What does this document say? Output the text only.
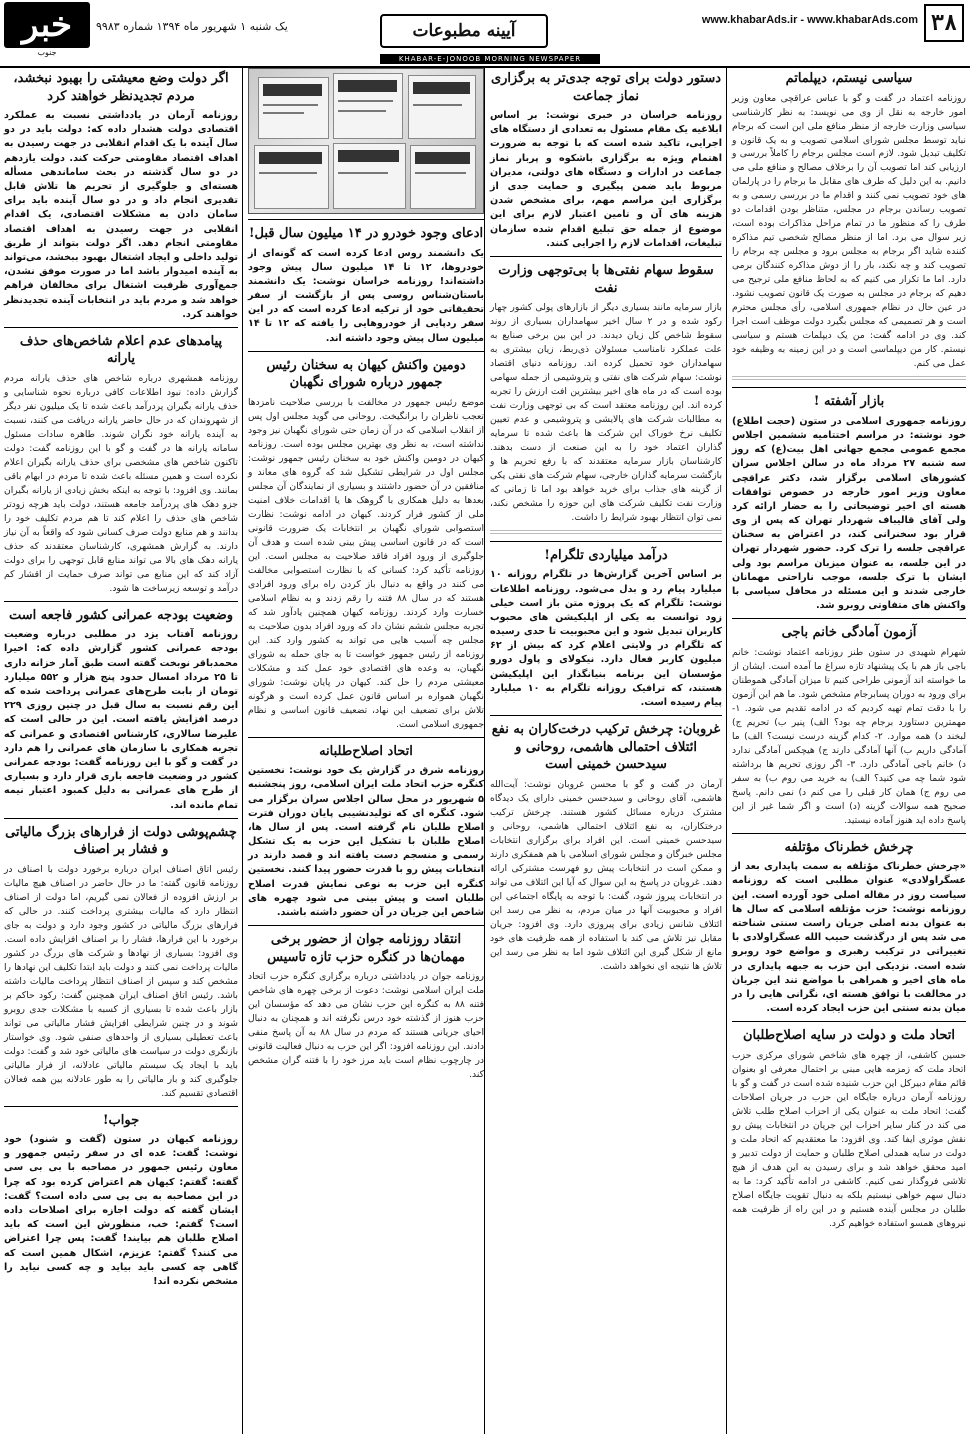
۳۸
www.khabarAds.ir - www.khabarAds.com
آیینه مطبوعات
یک شنبه ۱ شهریور ماه ۱۳۹۴ شماره ۹۹۸۳
خبر
جنوب
KHABAR-E-JONOOB MORNING NEWSPAPER
سیاسی نیستم، دیپلماتم
روزنامه اعتماد در گفت و گو با عباس عراقچی معاون وزیر امور خارجه به نقل از وی می نویسد: به نظر کارشناسی سیاسی وزارت خارجه از منظر منافع ملی این است که برجام نباید توسط مجلس شورای اسلامی تصویب و به یک قانون و تکلیف تبدیل شود. لازم است مجلس برجام را کاملاً بررسی و ارزیابی کند اما تصویب آن را برخلاف مصالح و منافع ملی می دانیم. به این دلیل که طرف های مقابل ما برجام را در پارلمان های خود تصویب نمی کنند و اقدام ما در بررسی رسمی و به تصویب رساندن برجام در مجلس، متناظر بودن اقدامات دو طرف را که منظور ما در تمام مراحل مذاکرات بوده است، زیر سوال می برد. اما از منظر مصالح شخصی تیم مذاکره کننده شاید اگر برجام به مجلس برود و مجلس چه برجام را تصویب کند و چه نکند، بار را از دوش مذاکره کنندگان برمی دارد. اما ما تکرار می کنیم که به لحاظ منافع ملی ترجیح می دهیم که برجام در مجلس به صورت یک قانون تصویب نشود. در عین حال در نظام جمهوری اسلامی، رأی مجلس محترم است و هر تصمیمی که مجلس بگیرد دولت موظف است اجرا کند. وی در ادامه گفت: من یک دیپلمات هستم و سیاسی نیستم. کار من دیپلماسی است و در این زمینه به وظیفه خود عمل می کنم.
بازار آشفته !
روزنامه جمهوری اسلامی در ستون (حجت اطلاع) خود نوشته: در مراسم اختتامیه ششمین اجلاس مجمع عمومی مجمع جهانی اهل بیت(ع) که روز سه شنبه ۲۷ مرداد ماه در سالن اجلاس سران کشورهای اسلامی برگزار شد، دکتر عراقچی معاون وزیر امور خارجه در خصوص توافقات هسته ای اخیر توضیحاتی را به حضار ارائه کرد ولی آقای قالیباف شهردار تهران که پس از وی قرار بود سخنرانی کند، در اعتراض به سخنان عراقچی جلسه را ترک کرد. حضور شهردار تهران در این جلسه، به عنوان میزبان مراسم بود ولی ایشان با ترک جلسه، موجب ناراحتی مهمانان خارجی شدند و این مسئله در محافل سیاسی با واکنش های متفاوتی روبرو شد.
آزمون آمادگی خانم باجی
شهرام شهیدی در ستون طنز روزنامه اعتماد نوشت: خانم باجی باز هم با یک پیشنهاد تازه سراغ ما آمده است. ایشان از ما خواسته اند آزمونی طراحی کنیم تا میزان آمادگی هموطنان برای ورود به دوران پسابرجام مشخص شود. ما هم این آزمون را با دقت تمام تهیه کردیم که در ادامه تقدیم می شود. ۱- مهمترین دستاورد برجام چه بود؟ الف) پنیر ب) تحریم ج) لبخند د) همه موارد. ۲- کدام گزینه درست نیست؟ الف) ما آمادگی داریم ب) آنها آمادگی دارند ج) هیچکس آمادگی ندارد د) خانم باجی آمادگی دارد. ۳- اگر روزی تحریم ها برداشته شود شما چه می کنید؟ الف) به خرید می روم ب) به سفر می روم ج) همان کار قبلی را می کنم د) نمی دانم. پاسخ صحیح همه سوالات گزینه (د) است و اگر شما غیر از این پاسخ داده اید هنوز آماده نیستید.
چرخش خطرناک مؤتلفه
«چرخش خطرناک مؤتلفه به سمت پایداری بعد از عسگراولادی» عنوان مطلبی است که روزنامه سیاست روز در مقاله اصلی خود آورده است. این روزنامه نوشت: حزب مؤتلفه اسلامی که سال ها به عنوان بدنه اصلی جریان راست سنتی شناخته می شد پس از درگذشت حبیب الله عسگراولادی با تغییراتی در ترکیب رهبری و مواضع خود روبرو شده است. نزدیکی این حزب به جبهه پایداری در ماه های اخیر و همراهی با مواضع تند این جریان در مخالفت با توافق هسته ای، نگرانی هایی را در میان بدنه سنتی این حزب ایجاد کرده است.
اتحاد ملت و دولت در سایه اصلاح‌طلبان
حسین کاشفی، از چهره های شاخص شورای مرکزی حزب اتحاد ملت که زمزمه هایی مبنی بر احتمال معرفی او بعنوان قائم مقام دبیرکل این حزب شنیده شده است در گفت و گو با روزنامه آرمان درباره جایگاه این حزب در جریان اصلاحات گفت: اتحاد ملت به عنوان یکی از احزاب اصلاح طلب تلاش می کند در کنار سایر احزاب این جریان در انتخابات پیش رو نقش موثری ایفا کند. وی افزود: ما معتقدیم که اتحاد ملت و دولت در سایه همدلی اصلاح طلبان و حمایت از دولت تدبیر و امید محقق خواهد شد و برای رسیدن به این هدف از هیچ تلاشی فروگذار نمی کنیم. کاشفی در ادامه تأکید کرد: ما به دنبال سهم خواهی نیستیم بلکه به دنبال تقویت جایگاه اصلاح طلبان در مجلس آینده هستیم و در این راه از ظرفیت همه نیروهای همسو استفاده خواهیم کرد.
دستور دولت برای توجه جدی‌تر به برگزاری نماز جماعت
روزنامه خراسان در خبری نوشت: بر اساس ابلاغیه یک مقام مسئول به تعدادی از دستگاه های اجرایی، تاکید شده است که با توجه به ضرورت اهتمام ویژه به برگزاری باشکوه و پربار نماز جماعت در ادارات و دستگاه های دولتی، مدیران مربوط باید ضمن پیگیری و حمایت جدی از برگزاری این مراسم مهم، برای مشخص شدن هزینه های آن و تامین اعتبار لازم برای این موضوع از جمله حق تبلیغ اقدام شده سازمان تبلیغات، اقدامات لازم را اجرایی کنند.
سقوط سهام نفتی‌ها با بی‌توجهی وزارت نفت
بازار سرمایه مانند بسیاری دیگر از بازارهای پولی کشور چهار رکود شده و در ۲ سال اخیر سهامداران بسیاری از روند سقوط شاخص کل زیان دیدند. در این بین برخی صنایع به علت عملکرد نامناسب مسئولان ذی‌ربط، زیان بیشتری به سهامداران خود تحمیل کرده اند. روزنامه دنیای اقتصاد نوشت: سهام شرکت های نفتی و پتروشیمی از جمله سهامی بوده است که در ماه های اخیر بیشترین افت ارزش را تجربه کرده اند. این روزنامه معتقد است که بی توجهی وزارت نفت به مطالبات شرکت های پالایشی و پتروشیمی و عدم تعیین تکلیف نرخ خوراک این شرکت ها باعث شده تا سرمایه گذاران اعتماد خود را به این صنعت از دست بدهند. کارشناسان بازار سرمایه معتقدند که با رفع تحریم ها و بازگشت سرمایه گذاران خارجی، سهام شرکت های نفتی یکی از گزینه های جذاب برای خرید خواهد بود اما تا زمانی که وزارت نفت تکلیف شرکت های این حوزه را مشخص نکند، نمی توان انتظار بهبود شرایط را داشت.
درآمد میلیاردی تلگرام!
بر اساس آخرین گزارش‌ها در تلگرام روزانه ۱۰ میلیارد پیام رد و بدل می‌شود. روزنامه اطلاعات نوشت: تلگرام که یک پروژه متن باز است خیلی زود توانست به یکی از اپلیکیشن های محبوب کاربران تبدیل شود و این محبوبیت تا حدی رسیده که تلگرام در ولایتی اعلام کرد که بیش از ۶۲ میلیون کاربر فعال دارد. نیکولای و پاول دورو مؤسسان این برنامه بنیانگذار این اپلیکیشن هستند، که ترافیک روزانه تلگرام به ۱۰ میلیارد پیام رسیده است.
غروبان: چرخش ترکیب درخت‌کاران به نفع ائتلاف احتمالی هاشمی، روحانی و سیدحسن خمینی است
آرمان در گفت و گو با محسن غروبان نوشت: آیت‌الله هاشمی، آقای روحانی و سیدحسن خمینی دارای یک دیدگاه مشترک درباره مسائل کشور هستند. چرخش ترکیب درختکاران، به نفع ائتلاف احتمالی هاشمی، روحانی و سیدحسن خمینی است. این افراد برای برگزاری انتخابات مجلس خبرگان و مجلس شورای اسلامی با هم همفکری دارند و ممکن است در انتخابات پیش رو فهرست مشترکی ارائه دهند. غروبان در پاسخ به این سوال که آیا این ائتلاف می تواند در انتخابات پیروز شود، گفت: با توجه به پایگاه اجتماعی این افراد و محبوبیت آنها در میان مردم، به نظر می رسد این ائتلاف شانس زیادی برای پیروزی دارد. وی افزود: جریان مقابل نیز تلاش می کند با استفاده از همه ظرفیت های خود مانع از شکل گیری این ائتلاف شود اما به نظر می رسد این تلاش ها نتیجه ای نخواهد داشت.
ادعای وجود خودرو در ۱۴ میلیون سال قبل!
یک دانشمند روس ادعا کرده است که گونه‌ای از خودروها، ۱۲ تا ۱۴ میلیون سال پیش وجود داشته‌اند! روزنامه خراسان نوشت: یک دانشمند باستان‌شناس روسی پس از بازگشت از سفر تحقیقاتی خود از ترکیه ادعا کرده است که در این سفر ردپایی از خودروهایی را یافته که ۱۲ تا ۱۴ میلیون سال پیش وجود داشته اند.
دومین واکنش کیهان به سخنان رئیس جمهور درباره شورای نگهبان
موضع رئیس جمهور در مخالفت با بررسی صلاحیت نامزدها تعجب ناظران را برانگیخت. روحانی می گوید مجلس اول پس از انقلاب اسلامی که در آن زمان حتی شورای نگهبان نیز وجود نداشته است، به نظر وی بهترین مجلس بوده است. روزنامه کیهان در دومین واکنش خود به سخنان رئیس جمهور نوشت: مجلس اول در شرایطی تشکیل شد که گروه های معاند و منافقین در آن حضور داشتند و بسیاری از نمایندگان آن مجلس بعدها به دلیل همکاری با گروهک ها یا اقدامات خلاف امنیت ملی از کشور فرار کردند. کیهان در ادامه نوشت: نظارت استصوابی شورای نگهبان بر انتخابات یک ضرورت قانونی است که در قانون اساسی پیش بینی شده است و هدف آن جلوگیری از ورود افراد فاقد صلاحیت به مجلس است. این روزنامه تأکید کرد: کسانی که با نظارت استصوابی مخالفت می کنند در واقع به دنبال باز کردن راه برای ورود افرادی هستند که در سال ۸۸ فتنه را رقم زدند و به نظام اسلامی خسارت وارد کردند. روزنامه کیهان همچنین یادآور شد که تجربه مجلس ششم نشان داد که ورود افراد بدون صلاحیت به مجلس چه آسیب هایی می تواند به کشور وارد کند. این روزنامه از رئیس جمهور خواست تا به جای حمله به شورای نگهبان، به وعده های اقتصادی خود عمل کند و مشکلات معیشتی مردم را حل کند. کیهان در پایان نوشت: شورای نگهبان همواره بر اساس قانون عمل کرده است و هرگونه تلاش برای تضعیف این نهاد، تضعیف قانون اساسی و نظام جمهوری اسلامی است.
اتحاد اصلاح‌طلبانه
روزنامه شرق در گزارش یک خود نوشت: نخستین کنگره حزب اتحاد ملت ایران اسلامی، روز پنجشنبه ۵ شهریور در محل سالن اجلاس سران برگزار می شود. کنگره ای که تولیدنشیبی پایان دوران فترت اصلاح طلبان نام گرفته است. پس از سال ها، اصلاح طلبان با تشکیل این حزب به یک تشکل رسمی و منسجم دست یافته اند و قصد دارند در انتخابات پیش رو با قدرت حضور پیدا کنند. نخستین کنگره این حزب به نوعی نمایش قدرت اصلاح طلبان است و پیش بینی می شود چهره های شاخص این جریان در آن حضور داشته باشند.
انتقاد روزنامه جوان از حضور برخی مهمان‌ها در کنگره حزب تازه تاسیس
روزنامه جوان در یادداشتی درباره برگزاری کنگره حزب اتحاد ملت ایران اسلامی نوشت: دعوت از برخی چهره های شاخص فتنه ۸۸ به کنگره این حزب نشان می دهد که مؤسسان این حزب هنوز از گذشته خود درس نگرفته اند و همچنان به دنبال احیای جریانی هستند که مردم در سال ۸۸ به آن پاسخ منفی دادند. این روزنامه افزود: اگر این حزب به دنبال فعالیت قانونی در چارچوب نظام است باید مرز خود را با فتنه گران مشخص کند.
اگر دولت وضع معیشتی را بهبود نبخشد، مردم تجدیدنظر خواهند کرد
روزنامه آرمان در یادداشتی نسبت به عملکرد اقتصادی دولت هشدار داده که: دولت باید در دو سال آینده با یک اقدام انقلابی در جهت رسیدن به اهداف اقتصاد مقاومتی حرکت کند. دولت یازدهم در دو سال گذشته در بحث ساماندهی مسأله هسته‌ای و جلوگیری از تحریم ها تلاش قابل تقدیری انجام داد و در دو سال آینده باید برای سامان دادن به مشکلات اقتصادی، یک اقدام انقلابی در جهت رسیدن به اهداف اقتصاد مقاومتی انجام دهد. اگر دولت بتواند از طریق تولید داخلی و ایجاد اشتغال بهبود ببخشد، می‌تواند به آینده امیدوار باشد اما در صورت موفق نشدن، جمع‌آوری ظرفیت اشتغال برای مخالفان فراهم خواهد شد و مردم باید در انتخابات آینده تجدیدنظر خواهند کرد.
پیامدهای عدم اعلام شاخص‌های حذف یارانه
روزنامه همشهری درباره شاخص های حذف یارانه مردم گزارش داده: نبود اطلاعات کافی درباره نحوه شناسایی و حذف یارانه بگیران پردرآمد باعث شده تا یک میلیون نفر دیگر از شهروندان که در حال حاضر یارانه دریافت می کنند، نسبت به آینده یارانه خود نگران شوند. طاهره سادات مسئول سامانه یارانه ها در گفت و گو با این روزنامه گفت: دولت تاکنون شاخص های مشخصی برای حذف یارانه بگیران اعلام نکرده است و همین مسئله باعث شده تا مردم در ابهام باقی بمانند. وی افزود: با توجه به اینکه بخش زیادی از یارانه بگیران جزو دهک های پردرآمد جامعه هستند، دولت باید هرچه زودتر شاخص های حذف را اعلام کند تا هم مردم تکلیف خود را بدانند و هم منابع دولت صرف کسانی شود که واقعاً به آن نیاز دارند. به گزارش همشهری، کارشناسان معتقدند که حذف یارانه دهک های بالا می تواند منابع قابل توجهی را برای دولت آزاد کند که این منابع می تواند صرف حمایت از اقشار کم درآمد و توسعه زیرساخت ها شود.
وضعیت بودجه عمرانی کشور فاجعه است
روزنامه آفتاب یزد در مطلبی درباره وضعیت بودجه عمرانی کشور گزارش داده که: اخیرا محمدباقر نوبخت گفته است طبق آمار خزانه داری تا ۲۵ مرداد امسال حدود پنج هزار و ۵۵۲ میلیارد تومان از بابت طرح‌های عمرانی پرداخت شده که این رقم نسبت به سال قبل در چنین روزی ۲۲۹ درصد افزایش یافته است. این در حالی است که علیرضا سالاری، کارشناس اقتصادی و عمرانی که تجربه همکاری با سازمان های عمرانی را هم دارد در گفت و گو با این روزنامه گفت: بودجه عمرانی کشور در وضعیت فاجعه باری قرار دارد و بسیاری از طرح های عمرانی به دلیل کمبود اعتبار نیمه تمام مانده اند.
چشم‌پوشی دولت از فرارهای بزرگ مالیاتی و فشار بر اصناف
رئیس اتاق اصناف ایران درباره برخورد دولت با اصناف در روزنامه قانون گفته: ما در حال حاضر در اصناف هیچ مالیات بر ارزش افزوده از فعالان نمی گیریم، اما دولت از اصناف انتظار دارد که مالیات بیشتری پرداخت کنند. در حالی که فرارهای بزرگ مالیاتی در کشور وجود دارد و دولت به جای برخورد با این فرارها، فشار را بر اصناف افزایش داده است. وی افزود: بسیاری از نهادها و شرکت های بزرگ در کشور مالیات پرداخت نمی کنند و دولت باید ابتدا تکلیف این نهادها را مشخص کند و سپس از اصناف انتظار پرداخت مالیات داشته باشد. رئیس اتاق اصناف ایران همچنین گفت: رکود حاکم بر بازار باعث شده تا بسیاری از کسبه با مشکلات جدی روبرو شوند و در چنین شرایطی افزایش فشار مالیاتی می تواند باعث تعطیلی بسیاری از واحدهای صنفی شود. وی خواستار بازنگری دولت در سیاست های مالیاتی خود شد و گفت: دولت باید با ایجاد یک سیستم مالیاتی عادلانه، از فرار مالیاتی جلوگیری کند و بار مالیاتی را به طور عادلانه بین همه فعالان اقتصادی تقسیم کند.
جواب!
روزنامه کیهان در ستون (گفت و شنود) خود نوشت: گفت: عده ای در سفر رئیس جمهور و معاون رئیس جمهور در مصاحبه با بی بی سی گفته: گفتم: کیهان هم اعتراض کرده بود که چرا در این مصاحبه به بی بی سی داده است؟ گفت: ایشان گفته که دولت اجازه برای اصلاحات داده است؟ گفتم: خب، منظورش این است که باید اصلاح طلبان هم بیایند! گفت: پس چرا اعتراض می کنند؟ گفتم: عزیزم، اشکال همین است که گاهی چه کسی باید بیاید و چه کسی نیاید را مشخص نکرده اند!
